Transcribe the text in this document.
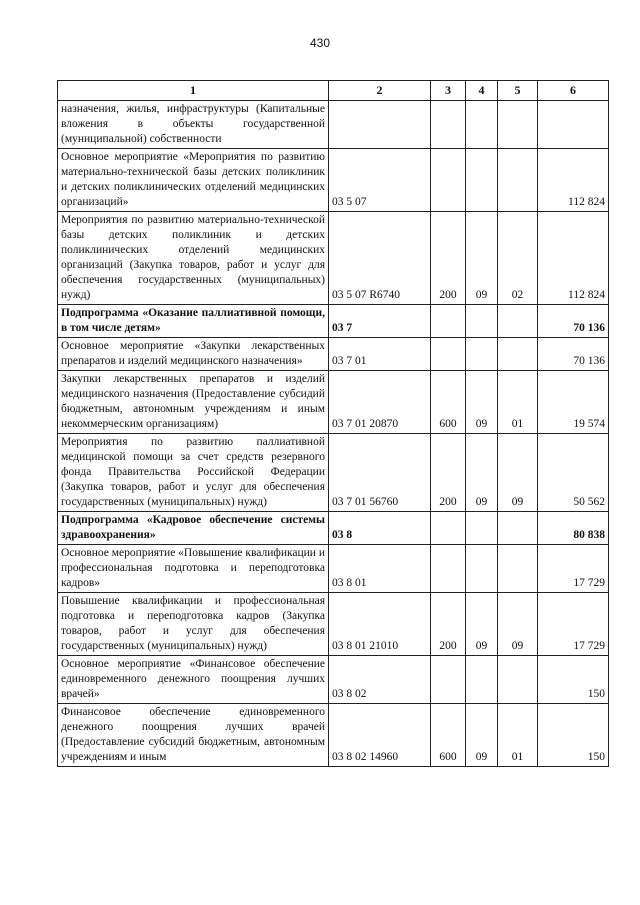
430
1	2	3	4	5	6
назначения, жилья, инфраструктуры (Капитальные вложения в объекты государственной (муниципальной) собственности					
Основное мероприятие «Мероприятия по развитию материально-технической базы детских поликлиник и детских поликлинических отделений медицинских организаций»	03 5 07				112 824
Мероприятия по развитию материально-технической базы детских поликлиник и детских поликлинических отделений медицинских организаций (Закупка товаров, работ и услуг для обеспечения государственных (муниципальных) нужд)	03 5 07 R6740	200	09	02	112 824
Подпрограмма «Оказание паллиативной помощи, в том числе детям»	03 7				70 136
Основное мероприятие «Закупки лекарственных препаратов и изделий медицинского назначения»	03 7 01				70 136
Закупки лекарственных препаратов и изделий медицинского назначения (Предоставление субсидий бюджетным, автономным учреждениям и иным некоммерческим организациям)	03 7 01 20870	600	09	01	19 574
Мероприятия по развитию паллиативной медицинской помощи за счет средств резервного фонда Правительства Российской Федерации (Закупка товаров, работ и услуг для обеспечения государственных (муниципальных) нужд)	03 7 01 56760	200	09	09	50 562
Подпрограмма «Кадровое обеспечение системы здравоохранения»	03 8				80 838
Основное мероприятие «Повышение квалификации и профессиональная подготовка и переподготовка кадров»	03 8 01				17 729
Повышение квалификации и профессиональная подготовка и переподготовка кадров (Закупка товаров, работ и услуг для обеспечения государственных (муниципальных) нужд)	03 8 01 21010	200	09	09	17 729
Основное мероприятие «Финансовое обеспечение единовременного денежного поощрения лучших врачей»	03 8 02				150
Финансовое обеспечение единовременного денежного поощрения лучших врачей (Предоставление субсидий бюджетным, автономным учреждениям и иным	03 8 02 14960	600	09	01	150
